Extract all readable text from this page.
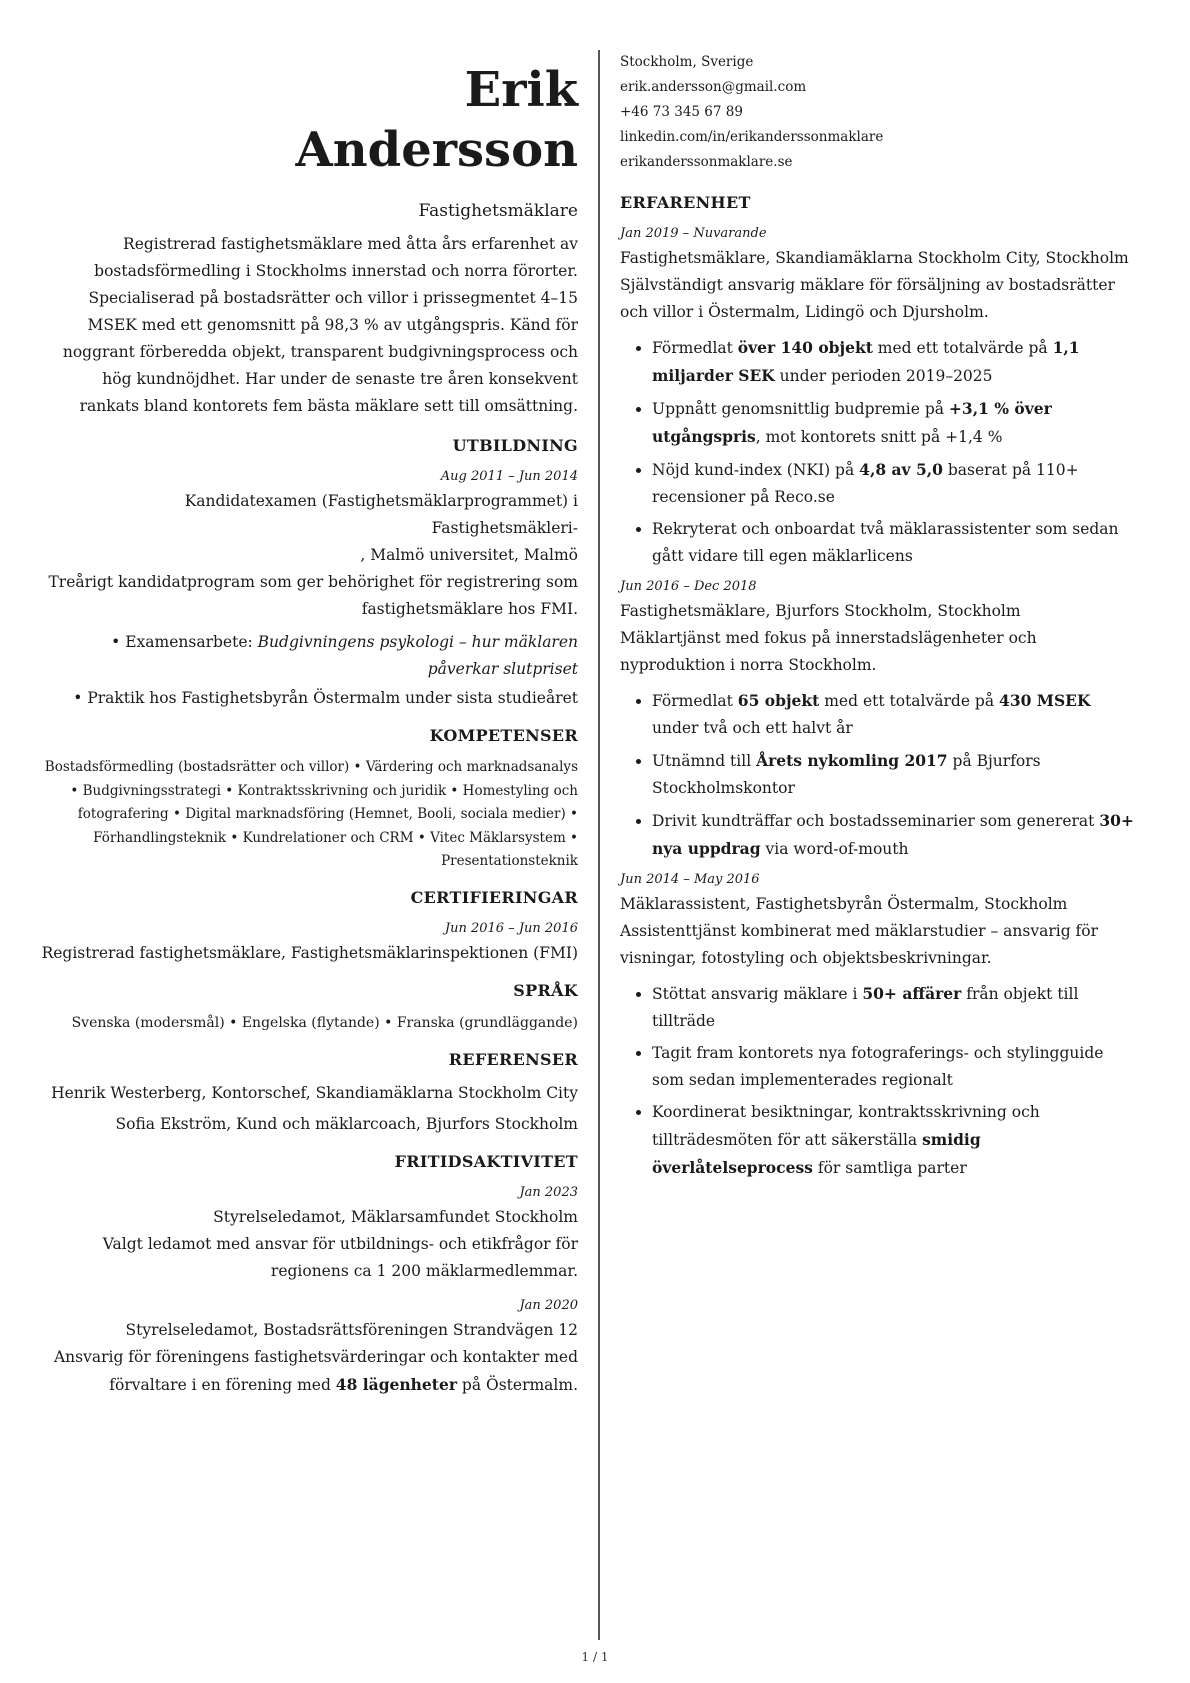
Erik
Andersson
Fastighetsmäklare
Registrerad fastighetsmäklare med åtta års erfarenhet av bostadsförmedling i Stockholms innerstad och norra förorter. Specialiserad på bostadsrätter och villor i prissegmentet 4–15 MSEK med ett genomsnitt på 98,3 % av utgångspris. Känd för noggrant förberedda objekt, transparent budgivningsprocess och hög kundnöjdhet. Har under de senaste tre åren konsekvent rankats bland kontorets fem bästa mäklare sett till omsättning.
UTBILDNING
Aug 2011 – Jun 2014
Kandidatexamen (Fastighetsmäklarprogrammet) i Fastighetsmäkleri-
, Malmö universitet, Malmö
Treårigt kandidatprogram som ger behörighet för registrering som fastighetsmäklare hos FMI.
• Examensarbete: Budgivningens psykologi – hur mäklaren påverkar slutpriset
• Praktik hos Fastighetsbyrån Östermalm under sista studieåret
KOMPETENSER
Bostadsförmedling (bostadsrätter och villor) • Värdering och marknadsanalys • Budgivningsstrategi • Kontraktsskrivning och juridik • Homestyling och fotografering • Digital marknadsföring (Hemnet, Booli, sociala medier) • Förhandlingsteknik • Kundrelationer och CRM • Vitec Mäklarsystem • Presentationsteknik
CERTIFIERINGAR
Jun 2016 – Jun 2016
Registrerad fastighetsmäklare, Fastighetsmäklarinspektionen (FMI)
SPRÅK
Svenska (modersmål) • Engelska (flytande) • Franska (grundläggande)
REFERENSER
Henrik Westerberg, Kontorschef, Skandiamäklarna Stockholm City
Sofia Ekström, Kund och mäklarcoach, Bjurfors Stockholm
FRITIDSAKTIVITET
Jan 2023
Styrelseledamot, Mäklarsamfundet Stockholm
Valgt ledamot med ansvar för utbildnings- och etikfrågor för regionens ca 1 200 mäklarmedlemmar.
Jan 2020
Styrelseledamot, Bostadsrättsföreningen Strandvägen 12
Ansvarig för föreningens fastighetsvärderingar och kontakter med förvaltare i en förening med 48 lägenheter på Östermalm.
Stockholm, Sverige
erik.andersson@gmail.com
+46 73 345 67 89
linkedin.com/in/erikanderssonmaklare
erikanderssonmaklare.se
ERFARENHET
Jan 2019 – Nuvarande
Fastighetsmäklare, Skandiamäklarna Stockholm City, Stockholm
Självständigt ansvarig mäklare för försäljning av bostadsrätter och villor i Östermalm, Lidingö och Djursholm.
• Förmedlat över 140 objekt med ett totalvärde på 1,1 miljarder SEK under perioden 2019–2025
• Uppnått genomsnittlig budpremie på +3,1 % över utgångspris, mot kontorets snitt på +1,4 %
• Nöjd kund-index (NKI) på 4,8 av 5,0 baserat på 110+ recensioner på Reco.se
• Rekryterat och onboardat två mäklarassistenter som sedan gått vidare till egen mäklarlicens
Jun 2016 – Dec 2018
Fastighetsmäklare, Bjurfors Stockholm, Stockholm
Mäklartjänst med fokus på innerstadslägenheter och nyproduktion i norra Stockholm.
• Förmedlat 65 objekt med ett totalvärde på 430 MSEK under två och ett halvt år
• Utnämnd till Årets nykomling 2017 på Bjurfors Stockholmskontor
• Drivit kundträffar och bostadsseminarier som genererat 30+ nya uppdrag via word-of-mouth
Jun 2014 – May 2016
Mäklarassistent, Fastighetsbyrån Östermalm, Stockholm
Assistenttjänst kombinerat med mäklarstudier – ansvarig för visningar, fotostyling och objektsbeskrivningar.
• Stöttat ansvarig mäklare i 50+ affärer från objekt till tillträde
• Tagit fram kontorets nya fotograferings- och stylingguide som sedan implementerades regionalt
• Koordinerat besiktningar, kontraktsskrivning och tillträdesmöten för att säkerställa smidig överlåtelseprocess för samtliga parter
1 / 1
